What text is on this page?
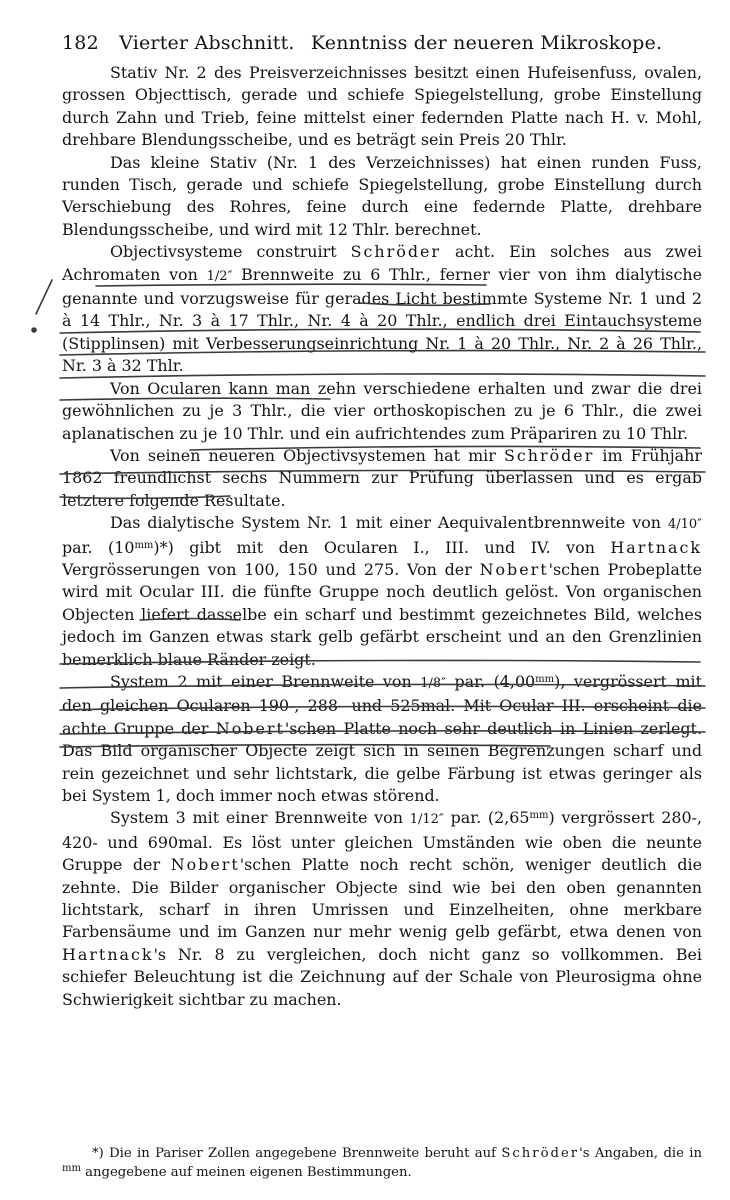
182 Vierter Abschnitt. Kenntniss der neueren Mikroskope.

Stativ Nr. 2 des Preisverzeichnisses besitzt einen Hufeisenfuss, ovalen, grossen Objecttisch, gerade und schiefe Spiegelstellung, grobe Einstellung durch Zahn und Trieb, feine mittelst einer federnden Platte nach H. v. Mohl, drehbare Blendungsscheibe, und es beträgt sein Preis 20 Thlr.

Das kleine Stativ (Nr. 1 des Verzeichnisses) hat einen runden Fuss, runden Tisch, gerade und schiefe Spiegelstellung, grobe Einstellung durch Verschiebung des Rohres, feine durch eine federnde Platte, drehbare Blendungsscheibe, und wird mit 12 Thlr. berechnet.

Objectivsysteme construirt Schröder acht. Ein solches aus zwei Achromaten von 1/2″ Brennweite zu 6 Thlr., ferner vier von ihm dialytische genannte und vorzugsweise für gerades Licht bestimmte Systeme Nr. 1 und 2 à 14 Thlr., Nr. 3 à 17 Thlr., Nr. 4 à 20 Thlr., endlich drei Eintauchsysteme (Stipplinsen) mit Verbesserungseinrichtung Nr. 1 à 20 Thlr., Nr. 2 à 26 Thlr., Nr. 3 à 32 Thlr.

Von Ocularen kann man zehn verschiedene erhalten und zwar die drei gewöhnlichen zu je 3 Thlr., die vier orthoskopischen zu je 6 Thlr., die zwei aplanatischen zu je 10 Thlr. und ein aufrichtendes zum Präpariren zu 10 Thlr.

Von seinen neueren Objectivsystemen hat mir Schröder im Frühjahr 1862 freundlichst sechs Nummern zur Prüfung überlassen und es ergab letztere folgende Resultate.

Das dialytische System Nr. 1 mit einer Aequivalentbrennweite von 4/10″ par. $(10^{mm})*$) gibt mit den Ocularen I., III. und IV. von Hartnack Vergrösserungen von 100, 150 und 275. Von der Nobert'schen Probeplatte wird mit Ocular III. die fünfte Gruppe noch deutlich gelöst. Von organischen Objecten liefert dasselbe ein scharf und bestimmt gezeichnetes Bild, welches jedoch im Ganzen etwas stark gelb gefärbt erscheint und an den Grenzlinien bemerklich blaue Ränder zeigt.

System 2 mit einer Brennweite von 1/8″ par. $(4,00^{mm})$, vergrössert mit den gleichen Ocularen 190-, 288- und 525mal. Mit Ocular III. erscheint die achte Gruppe der Nobert'schen Platte noch sehr deutlich in Linien zerlegt. Das Bild organischer Objecte zeigt sich in seinen Begrenzungen scharf und rein gezeichnet und sehr lichtstark, die gelbe Färbung ist etwas geringer als bei System 1, doch immer noch etwas störend.

System 3 mit einer Brennweite von 1/12″ par. $(2,65^{mm})$ vergrössert 280-, 420- und 690mal. Es löst unter gleichen Umständen wie oben die neunte Gruppe der Nobert'schen Platte noch recht schön, weniger deutlich die zehnte. Die Bilder organischer Objecte sind wie bei den oben genannten lichtstark, scharf in ihren Umrissen und Einzelheiten, ohne merkbare Farbensäume und im Ganzen nur mehr wenig gelb gefärbt, etwa denen von Hartnack's Nr. 8 zu vergleichen, doch nicht ganz so vollkommen. Bei schiefer Beleuchtung ist die Zeichnung auf der Schale von Pleurosigma ohne Schwierigkeit sichtbar zu machen.

*) Die in Pariser Zollen angegebene Brennweite beruht auf Schröder's Angaben, die in $^{mm}$ angegebene auf meinen eigenen Bestimmungen.
